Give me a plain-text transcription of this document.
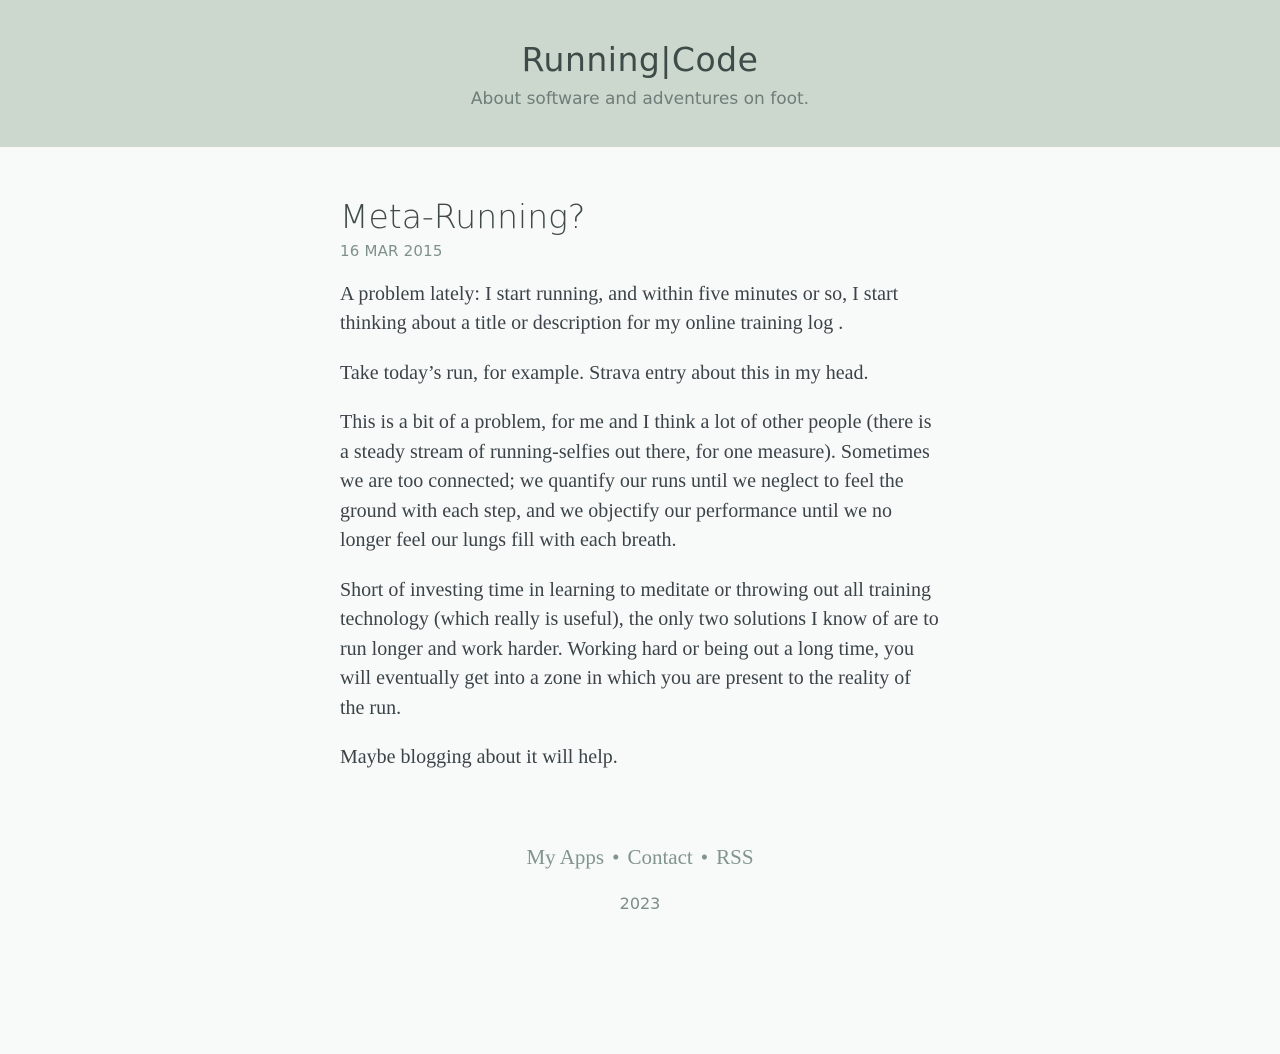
Running|Code
About software and adventures on foot.
Meta-Running?
16 MAR 2015

A problem lately: I start running, and within five minutes or so, I start thinking about a title or description for my online training log .

Take today’s run, for example. Strava entry about this in my head.

This is a bit of a problem, for me and I think a lot of other people (there is a steady stream of running-selfies out there, for one measure). Sometimes we are too connected; we quantify our runs until we neglect to feel the ground with each step, and we objectify our performance until we no longer feel our lungs fill with each breath.

Short of investing time in learning to meditate or throwing out all training technology (which really is useful), the only two solutions I know of are to run longer and work harder. Working hard or being out a long time, you will eventually get into a zone in which you are present to the reality of the run.

Maybe blogging about it will help.

My Apps • Contact • RSS
2023
